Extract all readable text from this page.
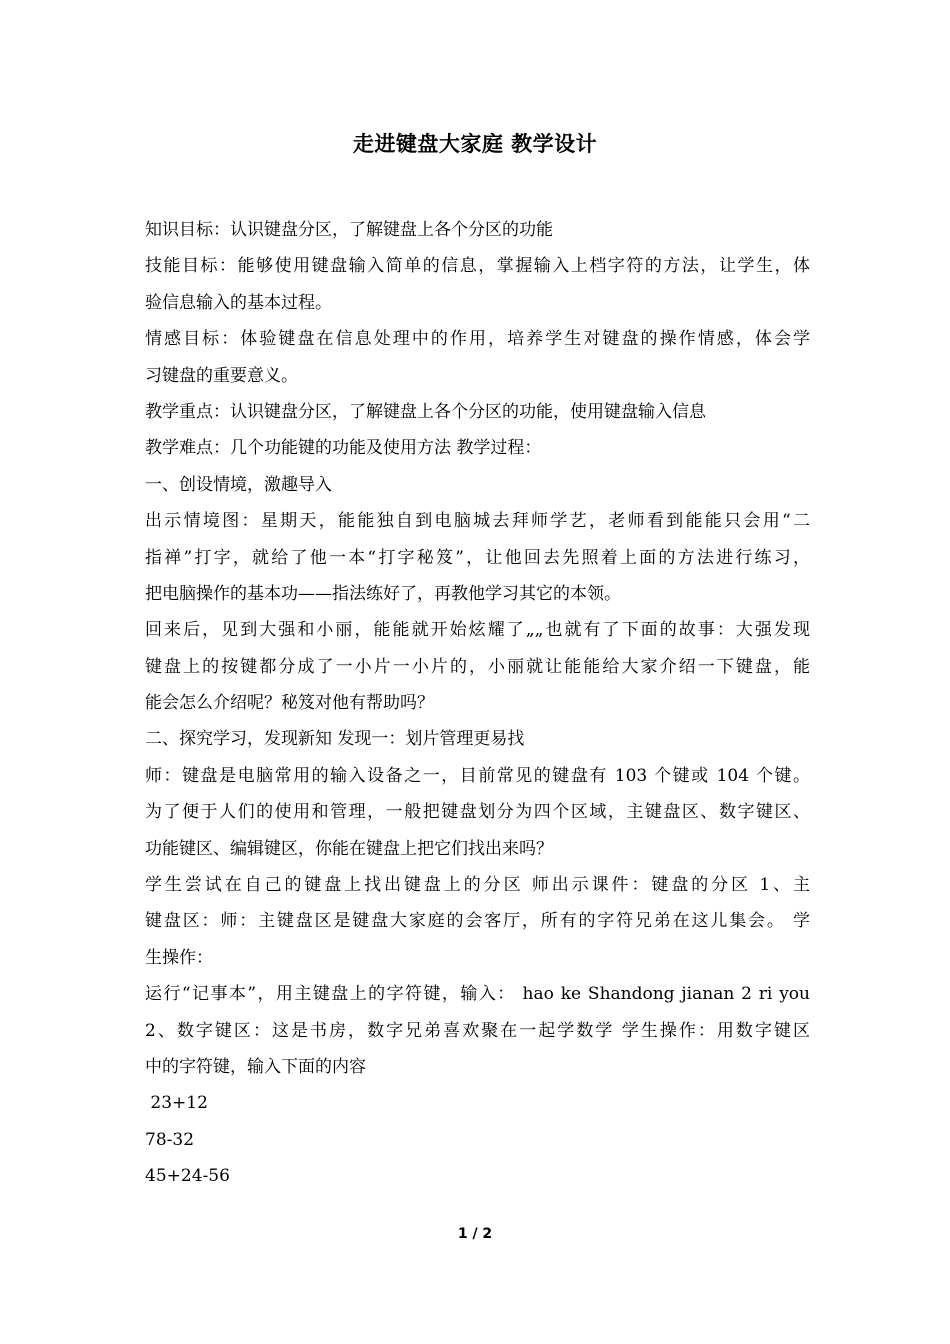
走进键盘大家庭 教学设计
知识目标：认识键盘分区，了解键盘上各个分区的功能
技能目标：能够使用键盘输入简单的信息，掌握输入上档字符的方法，让学生，体
验信息输入的基本过程。
情感目标：体验键盘在信息处理中的作用，培养学生对键盘的操作情感，体会学
习键盘的重要意义。
教学重点：认识键盘分区，了解键盘上各个分区的功能，使用键盘输入信息
教学难点：几个功能键的功能及使用方法 教学过程：
一、创设情境，激趣导入
出示情境图：星期天，能能独自到电脑城去拜师学艺，老师看到能能只会用“二
指禅”打字，就给了他一本“打字秘笈”，让他回去先照着上面的方法进行练习，
把电脑操作的基本功——指法练好了，再教他学习其它的本领。
回来后，见到大强和小丽，能能就开始炫耀了„„也就有了下面的故事：大强发现
键盘上的按键都分成了一小片一小片的，小丽就让能能给大家介绍一下键盘，能
能会怎么介绍呢？秘笈对他有帮助吗？
二、探究学习，发现新知 发现一：划片管理更易找
师：键盘是电脑常用的输入设备之一，目前常见的键盘有 103 个键或 104 个键。
为了便于人们的使用和管理，一般把键盘划分为四个区域，主键盘区、数字键区、
功能键区、编辑键区，你能在键盘上把它们找出来吗？
学生尝试在自己的键盘上找出键盘上的分区 师出示课件：键盘的分区 1、主
键盘区：师：主键盘区是键盘大家庭的会客厅，所有的字符兄弟在这儿集会。 学
生操作：
运行“记事本”，用主键盘上的字符键，输入： hao ke Shandong jianan 2 ri you
2、数字键区：这是书房，数字兄弟喜欢聚在一起学数学 学生操作：用数字键区
中的字符键，输入下面的内容
23+12
78-32
45+24-56
1 / 2
